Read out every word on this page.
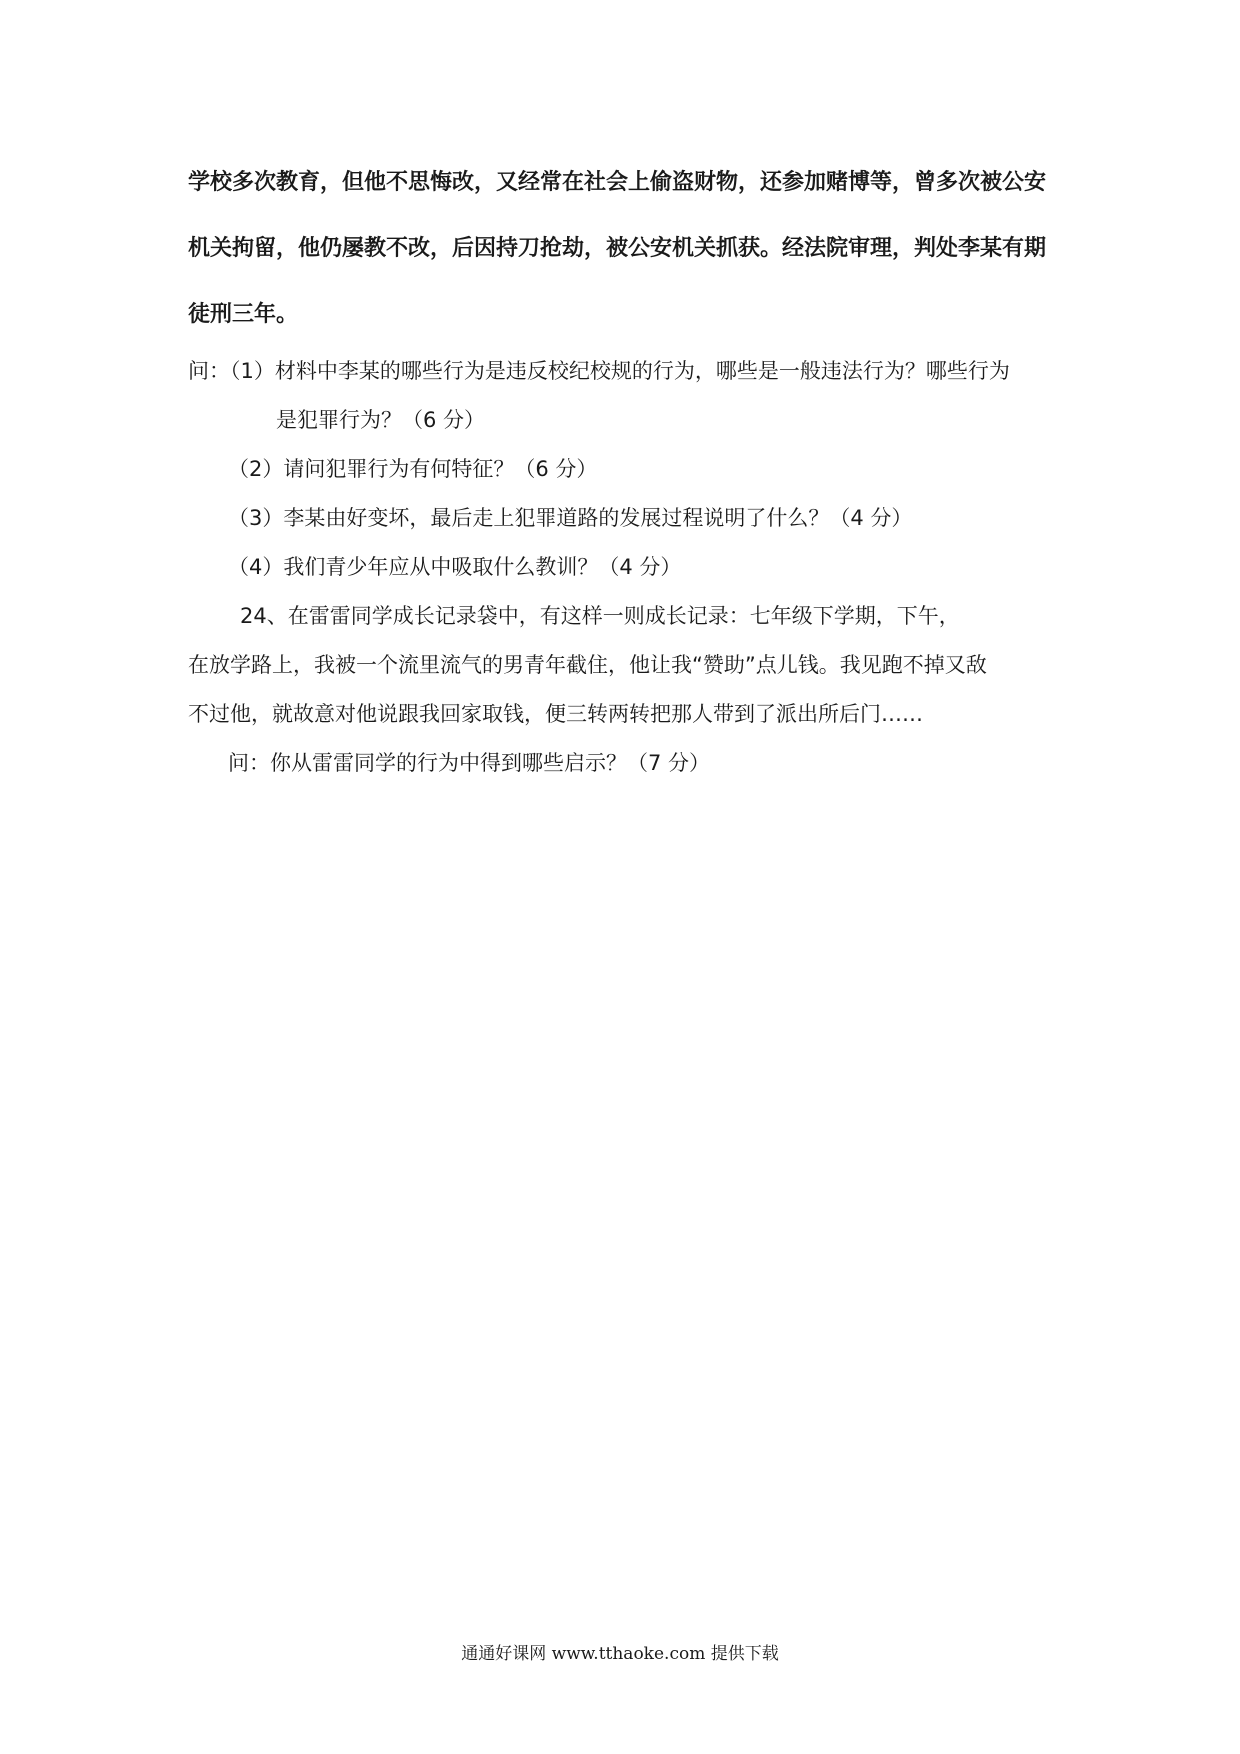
学校多次教育，但他不思悔改，又经常在社会上偷盗财物，还参加赌博等，曾多次被公安
机关拘留，他仍屡教不改，后因持刀抢劫，被公安机关抓获。经法院审理，判处李某有期
徒刑三年。
问：（1）材料中李某的哪些行为是违反校纪校规的行为，哪些是一般违法行为？哪些行为
是犯罪行为？（6 分）
（2）请问犯罪行为有何特征？（6 分）
（3）李某由好变坏，最后走上犯罪道路的发展过程说明了什么？（4 分）
（4）我们青少年应从中吸取什么教训？（4 分）
24、在雷雷同学成长记录袋中，有这样一则成长记录：七年级下学期，下午，
在放学路上，我被一个流里流气的男青年截住，他让我“赞助”点儿钱。我见跑不掉又敌
不过他，就故意对他说跟我回家取钱，便三转两转把那人带到了派出所后门……
问：你从雷雷同学的行为中得到哪些启示？（7 分）
通通好课网 www.tthaoke.com 提供下载
